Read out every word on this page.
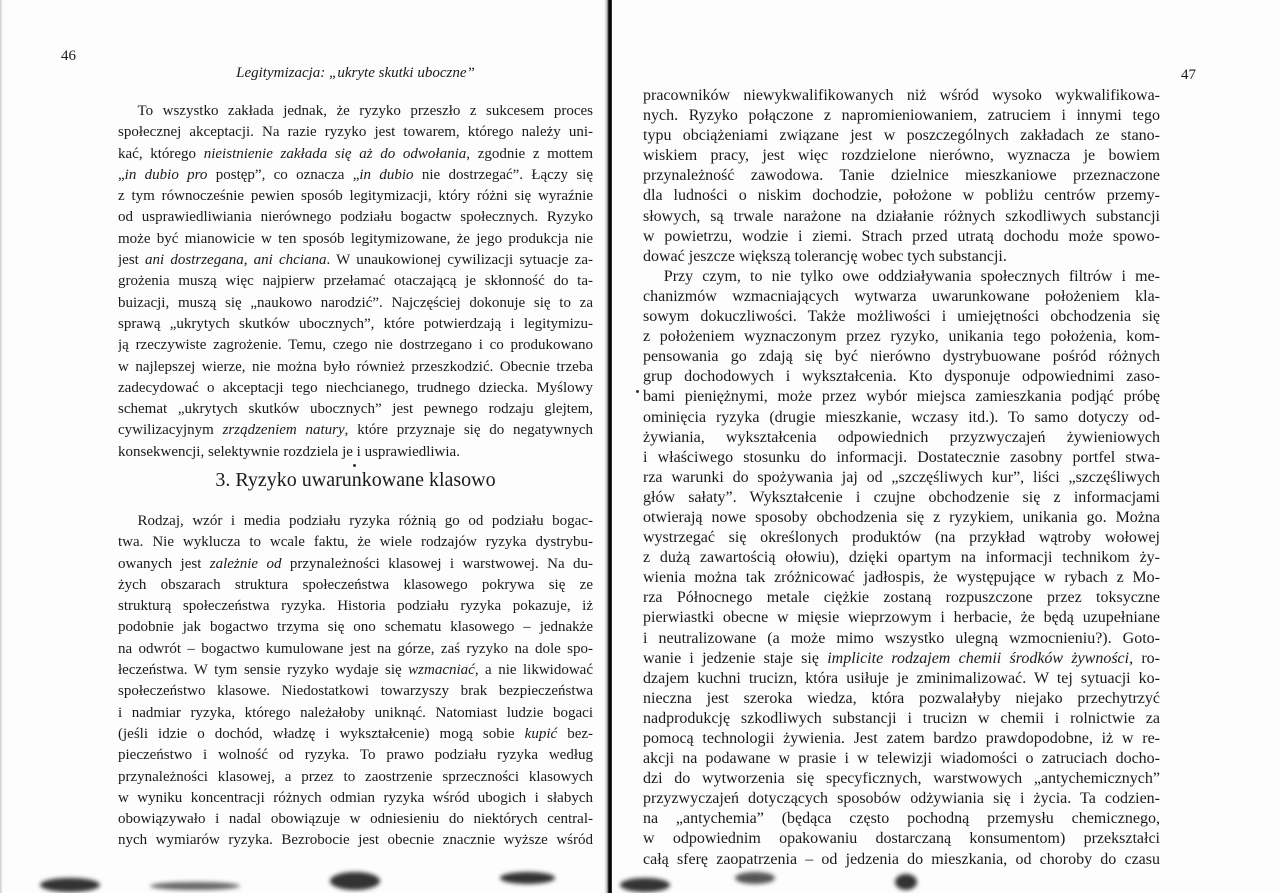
46
Legitymizacja: „ukryte skutki uboczne”
To wszystko zakłada jednak, że ryzyko przeszło z sukcesem proces
społecznej akceptacji. Na razie ryzyko jest towarem, którego należy uni-
kać, którego nieistnienie zakłada się aż do odwołania, zgodnie z mottem
„in dubio pro postęp”, co oznacza „in dubio nie dostrzegać”. Łączy się
z tym równocześnie pewien sposób legitymizacji, który różni się wyraźnie
od usprawiedliwiania nierównego podziału bogactw społecznych. Ryzyko
może być mianowicie w ten sposób legitymizowane, że jego produkcja nie
jest ani dostrzegana, ani chciana. W unaukowionej cywilizacji sytuacje za-
grożenia muszą więc najpierw przełamać otaczającą je skłonność do ta-
buizacji, muszą się „naukowo narodzić”. Najczęściej dokonuje się to za
sprawą „ukrytych skutków ubocznych”, które potwierdzają i legitymizu-
ją rzeczywiste zagrożenie. Temu, czego nie dostrzegano i co produkowano
w najlepszej wierze, nie można było również przeszkodzić. Obecnie trzeba
zadecydować o akceptacji tego niechcianego, trudnego dziecka. Myślowy
schemat „ukrytych skutków ubocznych” jest pewnego rodzaju glejtem,
cywilizacyjnym zrządzeniem natury, które przyznaje się do negatywnych
konsekwencji, selektywnie rozdziela je i usprawiedliwia.
3. Ryzyko uwarunkowane klasowo
Rodzaj, wzór i media podziału ryzyka różnią go od podziału bogac-
twa. Nie wyklucza to wcale faktu, że wiele rodzajów ryzyka dystrybu-
owanych jest zależnie od przynależności klasowej i warstwowej. Na du-
żych obszarach struktura społeczeństwa klasowego pokrywa się ze
strukturą społeczeństwa ryzyka. Historia podziału ryzyka pokazuje, iż
podobnie jak bogactwo trzyma się ono schematu klasowego – jednakże
na odwrót – bogactwo kumulowane jest na górze, zaś ryzyko na dole spo-
łeczeństwa. W tym sensie ryzyko wydaje się wzmacniać, a nie likwidować
społeczeństwo klasowe. Niedostatkowi towarzyszy brak bezpieczeństwa
i nadmiar ryzyka, którego należałoby uniknąć. Natomiast ludzie bogaci
(jeśli idzie o dochód, władzę i wykształcenie) mogą sobie kupić bez-
pieczeństwo i wolność od ryzyka. To prawo podziału ryzyka według
przynależności klasowej, a przez to zaostrzenie sprzeczności klasowych
w wyniku koncentracji różnych odmian ryzyka wśród ubogich i słabych
obowiązywało i nadal obowiązuje w odniesieniu do niektórych central-
nych wymiarów ryzyka. Bezrobocie jest obecnie znacznie wyższe wśród
47
pracowników niewykwalifikowanych niż wśród wysoko wykwalifikowa-
nych. Ryzyko połączone z napromieniowaniem, zatruciem i innymi tego
typu obciążeniami związane jest w poszczególnych zakładach ze stano-
wiskiem pracy, jest więc rozdzielone nierówno, wyznacza je bowiem
przynależność zawodowa. Tanie dzielnice mieszkaniowe przeznaczone
dla ludności o niskim dochodzie, położone w pobliżu centrów przemy-
słowych, są trwale narażone na działanie różnych szkodliwych substancji
w powietrzu, wodzie i ziemi. Strach przed utratą dochodu może spowo-
dować jeszcze większą tolerancję wobec tych substancji.
Przy czym, to nie tylko owe oddziaływania społecznych filtrów i me-
chanizmów wzmacniających wytwarza uwarunkowane położeniem kla-
sowym dokuczliwości. Także możliwości i umiejętności obchodzenia się
z położeniem wyznaczonym przez ryzyko, unikania tego położenia, kom-
pensowania go zdają się być nierówno dystrybuowane pośród różnych
grup dochodowych i wykształcenia. Kto dysponuje odpowiednimi zaso-
bami pieniężnymi, może przez wybór miejsca zamieszkania podjąć próbę
ominięcia ryzyka (drugie mieszkanie, wczasy itd.). To samo dotyczy od-
żywiania, wykształcenia odpowiednich przyzwyczajeń żywieniowych
i właściwego stosunku do informacji. Dostatecznie zasobny portfel stwa-
rza warunki do spożywania jaj od „szczęśliwych kur”, liści „szczęśliwych
głów sałaty”. Wykształcenie i czujne obchodzenie się z informacjami
otwierają nowe sposoby obchodzenia się z ryzykiem, unikania go. Można
wystrzegać się określonych produktów (na przykład wątroby wołowej
z dużą zawartością ołowiu), dzięki opartym na informacji technikom ży-
wienia można tak zróżnicować jadłospis, że występujące w rybach z Mo-
rza Północnego metale ciężkie zostaną rozpuszczone przez toksyczne
pierwiastki obecne w mięsie wieprzowym i herbacie, że będą uzupełniane
i neutralizowane (a może mimo wszystko ulegną wzmocnieniu?). Goto-
wanie i jedzenie staje się implicite rodzajem chemii środków żywności, ro-
dzajem kuchni trucizn, która usiłuje je zminimalizować. W tej sytuacji ko-
nieczna jest szeroka wiedza, która pozwalałyby niejako przechytrzyć
nadprodukcję szkodliwych substancji i trucizn w chemii i rolnictwie za
pomocą technologii żywienia. Jest zatem bardzo prawdopodobne, iż w re-
akcji na podawane w prasie i w telewizji wiadomości o zatruciach docho-
dzi do wytworzenia się specyficznych, warstwowych „antychemicznych”
przyzwyczajeń dotyczących sposobów odżywiania się i życia. Ta codzien-
na „antychemia” (będąca często pochodną przemysłu chemicznego,
w odpowiednim opakowaniu dostarczaną konsumentom) przekształci
całą sferę zaopatrzenia – od jedzenia do mieszkania, od choroby do czasu
